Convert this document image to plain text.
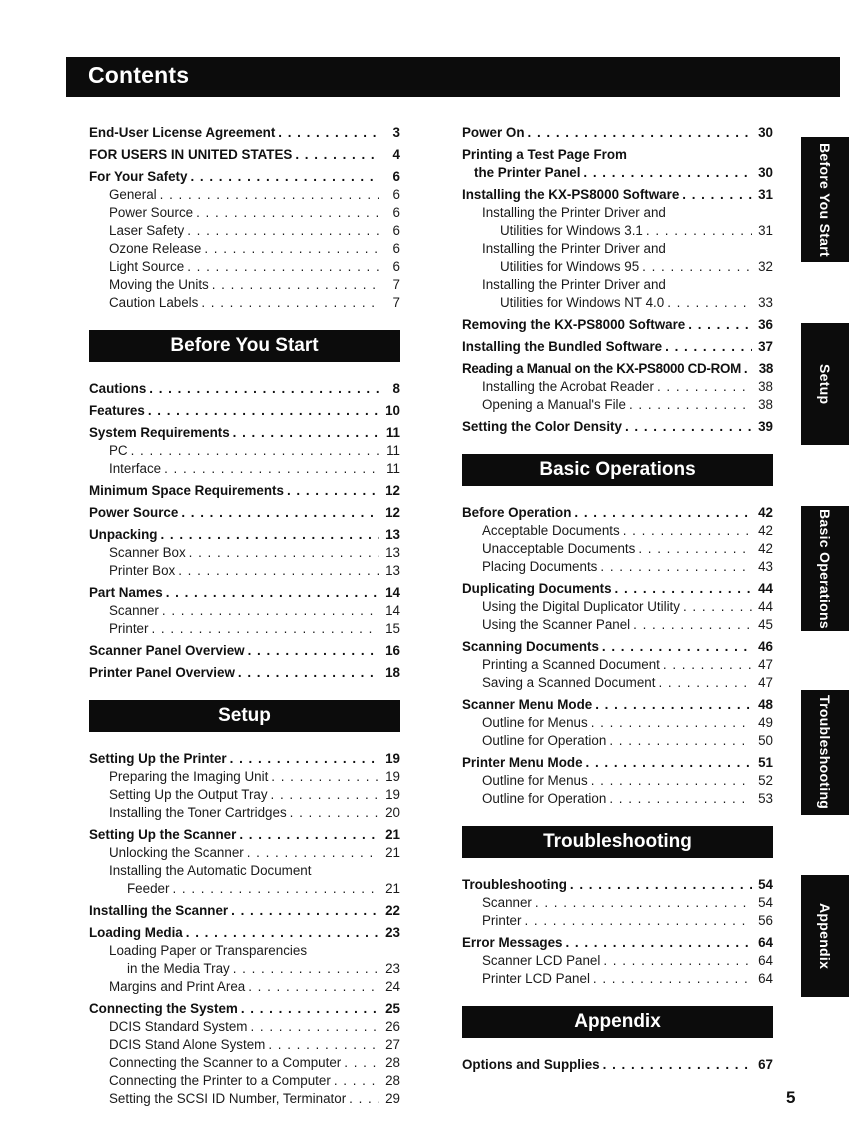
Contents
End-User License Agreement . . .	3
FOR USERS IN UNITED STATES . . .	4
For Your Safety . . .	6
General . . .	6
Power Source . . .	6
Laser Safety . . .	6
Ozone Release . . .	6
Light Source . . .	6
Moving the Units . . .	7
Caution Labels . . .	7
Before You Start
Cautions . . .	8
Features . . .	10
System Requirements . . .	11
PC . . .	11
Interface . . .	11
Minimum Space Requirements . . .	12
Power Source . . .	12
Unpacking . . .	13
Scanner Box . . .	13
Printer Box . . .	13
Part Names . . .	14
Scanner . . .	14
Printer . . .	15
Scanner Panel Overview . . .	16
Printer Panel Overview . . .	18
Setup
Setting Up the Printer . . .	19
Preparing the Imaging Unit . . .	19
Setting Up the Output Tray . . .	19
Installing the Toner Cartridges . . .	20
Setting Up the Scanner . . .	21
Unlocking the Scanner . . .	21
Installing the Automatic Document
Feeder . . .	21
Installing the Scanner . . .	22
Loading Media . . .	23
Loading Paper or Transparencies
in the Media Tray . . .	23
Margins and Print Area . . .	24
Connecting the System . . .	25
DCIS Standard System . . .	26
DCIS Stand Alone System . . .	27
Connecting the Scanner to a Computer . . .	28
Connecting the Printer to a Computer . . .	28
Setting the SCSI ID Number, Terminator . . .	29
Power On . . .	30
Printing a Test Page From
the Printer Panel . . .	30
Installing the KX-PS8000 Software . . .	31
Installing the Printer Driver and
Utilities for Windows 3.1 . . .	31
Installing the Printer Driver and
Utilities for Windows 95 . . .	32
Installing the Printer Driver and
Utilities for Windows NT 4.0 . . .	33
Removing the KX-PS8000 Software . . .	36
Installing the Bundled Software . . .	37
Reading a Manual on the KX-PS8000 CD-ROM . . . 38
Installing the Acrobat Reader . . .	38
Opening a Manual's File . . .	38
Setting the Color Density . . .	39
Basic Operations
Before Operation . . .	42
Acceptable Documents . . .	42
Unacceptable Documents . . .	42
Placing Documents . . .	43
Duplicating Documents . . .	44
Using the Digital Duplicator Utility . . .	44
Using the Scanner Panel . . .	45
Scanning Documents . . .	46
Printing a Scanned Document . . .	47
Saving a Scanned Document . . .	47
Scanner Menu Mode . . .	48
Outline for Menus . . .	49
Outline for Operation . . .	50
Printer Menu Mode . . .	51
Outline for Menus . . .	52
Outline for Operation . . .	53
Troubleshooting
Troubleshooting . . .	54
Scanner . . .	54
Printer . . .	56
Error Messages . . .	64
Scanner LCD Panel . . .	64
Printer LCD Panel . . .	64
Appendix
Options and Supplies . . .	67
Before You Start
Setup
Basic Operations
Troubleshooting
Appendix
5
